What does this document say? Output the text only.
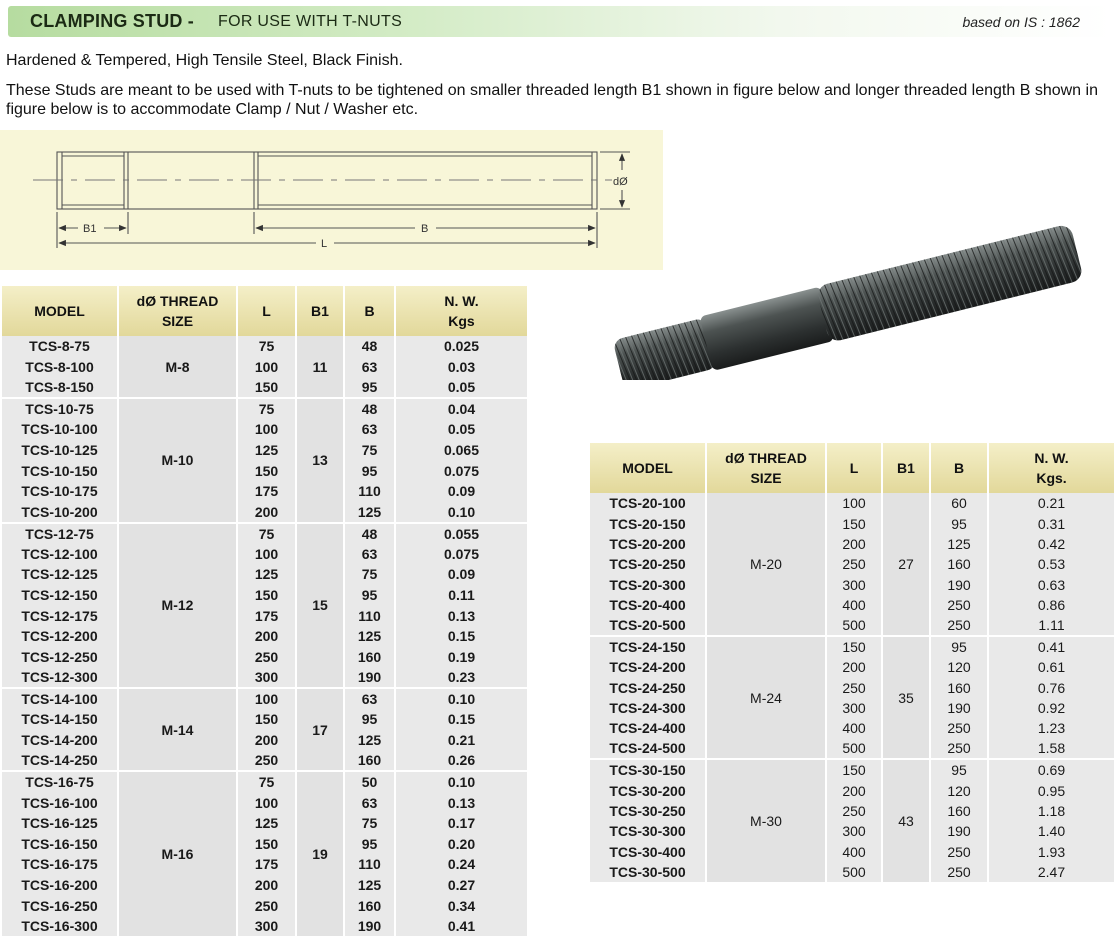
CLAMPING STUD - FOR USE WITH T-NUTS	based on IS : 1862
Hardened & Tempered, High Tensile Steel, Black Finish.
These Studs are meant to be used with T-nuts to be tightened on smaller threaded length B1 shown in figure below and longer threaded length B shown in figure below is to accommodate Clamp / Nut / Washer etc.
B1	B
L
dØ
MODEL	dØ THREAD
SIZE	L	B1	B	N. W.
Kgs

TCS-8-75	M-8	75	11	48	0.025
TCS-8-100		100		63	0.03
TCS-8-150		150		95	0.05
TCS-10-75	M-10	75	13	48	0.04
TCS-10-100		100		63	0.05
TCS-10-125		125		75	0.065
TCS-10-150		150		95	0.075
TCS-10-175		175		110	0.09
TCS-10-200		200		125	0.10
TCS-12-75	M-12	75	15	48	0.055
TCS-12-100		100		63	0.075
TCS-12-125		125		75	0.09
TCS-12-150		150		95	0.11
TCS-12-175		175		110	0.13
TCS-12-200		200		125	0.15
TCS-12-250		250		160	0.19
TCS-12-300		300		190	0.23
TCS-14-100	M-14	100	17	63	0.10
TCS-14-150		150		95	0.15
TCS-14-200		200		125	0.21
TCS-14-250		250		160	0.26
TCS-16-75	M-16	75	19	50	0.10
TCS-16-100		100		63	0.13
TCS-16-125		125		75	0.17
TCS-16-150		150		95	0.20
TCS-16-175		175		110	0.24
TCS-16-200		200		125	0.27
TCS-16-250		250		160	0.34
TCS-16-300		300		190	0.41
MODEL	dØ THREAD
SIZE	L	B1	B	N. W.
Kgs.

TCS-20-100	M-20	100	27	60	0.21
TCS-20-150		150		95	0.31
TCS-20-200		200		125	0.42
TCS-20-250		250		160	0.53
TCS-20-300		300		190	0.63
TCS-20-400		400		250	0.86
TCS-20-500		500		250	1.11
TCS-24-150	M-24	150	35	95	0.41
TCS-24-200		200		120	0.61
TCS-24-250		250		160	0.76
TCS-24-300		300		190	0.92
TCS-24-400		400		250	1.23
TCS-24-500		500		250	1.58
TCS-30-150	M-30	150	43	95	0.69
TCS-30-200		200		120	0.95
TCS-30-250		250		160	1.18
TCS-30-300		300		190	1.40
TCS-30-400		400		250	1.93
TCS-30-500		500		250	2.47
